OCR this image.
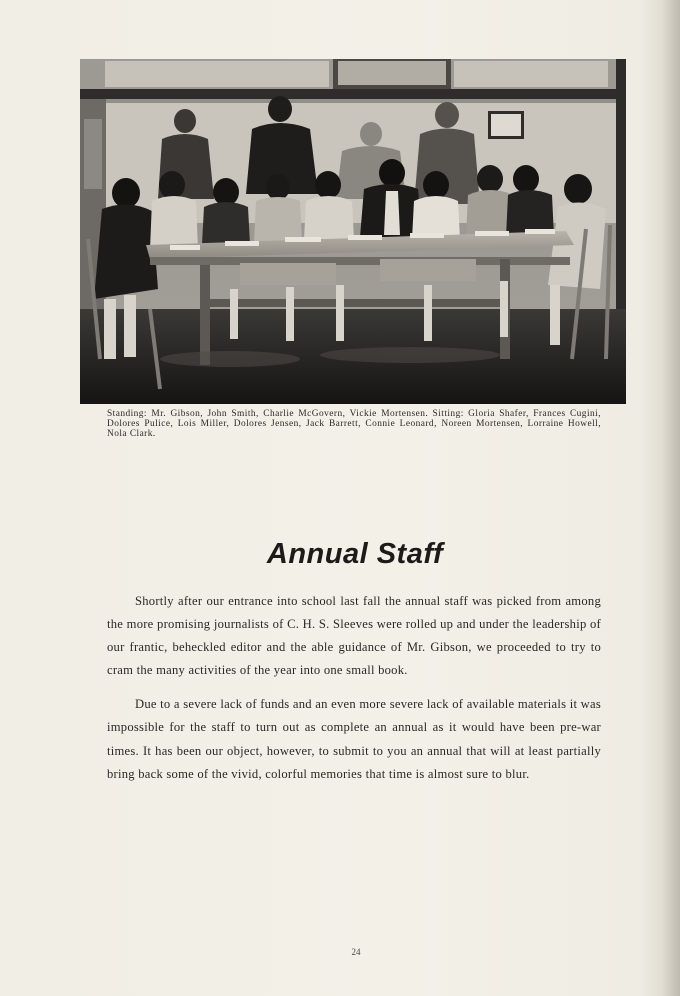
Standing: Mr. Gibson, John Smith, Charlie McGovern, Vickie Mortensen. Sitting: Gloria Shafer, Frances Cugini, Dolores Pulice, Lois Miller, Dolores Jensen, Jack Barrett, Connie Leonard, Noreen Mortensen, Lorraine Howell, Nola Clark.
Annual Staff

Shortly after our entrance into school last fall the annual staff was picked from among the more promising journalists of C. H. S. Sleeves were rolled up and under the leadership of our frantic, beheckled editor and the able guidance of Mr. Gibson, we proceeded to try to cram the many activities of the year into one small book.

Due to a severe lack of funds and an even more severe lack of available materials it was impossible for the staff to turn out as complete an annual as it would have been pre-war times. It has been our object, however, to submit to you an annual that will at least partially bring back some of the vivid, colorful memories that time is almost sure to blur.

24
